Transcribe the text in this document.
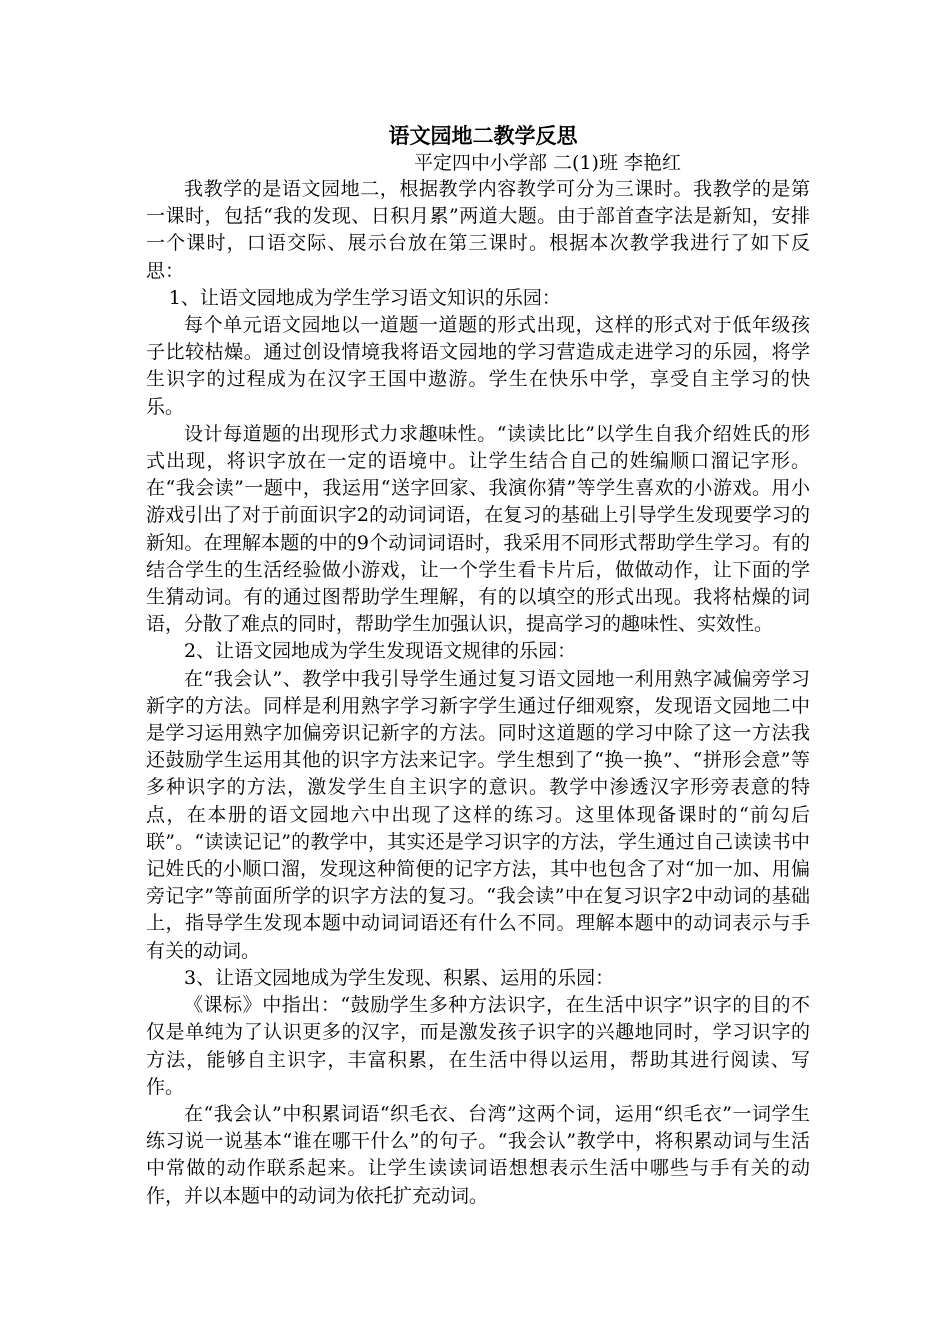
语文园地二教学反思

平定四中小学部 二(1)班 李艳红

我教学的是语文园地二，根据教学内容教学可分为三课时。我教学的是第一课时，包括“我的发现、日积月累”两道大题。由于部首查字法是新知，安排一个课时，口语交际、展示台放在第三课时。根据本次教学我进行了如下反思：

1、让语文园地成为学生学习语文知识的乐园：

每个单元语文园地以一道题一道题的形式出现，这样的形式对于低年级孩子比较枯燥。通过创设情境我将语文园地的学习营造成走进学习的乐园，将学生识字的过程成为在汉字王国中遨游。学生在快乐中学，享受自主学习的快乐。

设计每道题的出现形式力求趣味性。“读读比比”以学生自我介绍姓氏的形式出现，将识字放在一定的语境中。让学生结合自己的姓编顺口溜记字形。在“我会读”一题中，我运用“送字回家、我演你猜”等学生喜欢的小游戏。用小游戏引出了对于前面识字2的动词词语，在复习的基础上引导学生发现要学习的新知。在理解本题的中的9个动词词语时，我采用不同形式帮助学生学习。有的结合学生的生活经验做小游戏，让一个学生看卡片后，做做动作，让下面的学生猜动词。有的通过图帮助学生理解，有的以填空的形式出现。我将枯燥的词语，分散了难点的同时，帮助学生加强认识，提高学习的趣味性、实效性。

2、让语文园地成为学生发现语文规律的乐园：

在“我会认”、教学中我引导学生通过复习语文园地一利用熟字减偏旁学习新字的方法。同样是利用熟字学习新字学生通过仔细观察，发现语文园地二中是学习运用熟字加偏旁识记新字的方法。同时这道题的学习中除了这一方法我还鼓励学生运用其他的识字方法来记字。学生想到了“换一换”、“拼形会意”等多种识字的方法，激发学生自主识字的意识。教学中渗透汉字形旁表意的特点，在本册的语文园地六中出现了这样的练习。这里体现备课时的“前勾后联”。“读读记记”的教学中，其实还是学习识字的方法，学生通过自己读读书中记姓氏的小顺口溜，发现这种简便的记字方法，其中也包含了对“加一加、用偏旁记字”等前面所学的识字方法的复习。“我会读”中在复习识字2中动词的基础上，指导学生发现本题中动词词语还有什么不同。理解本题中的动词表示与手有关的动词。

3、让语文园地成为学生发现、积累、运用的乐园：

《课标》中指出：“鼓励学生多种方法识字，在生活中识字”识字的目的不仅是单纯为了认识更多的汉字，而是激发孩子识字的兴趣地同时，学习识字的方法，能够自主识字，丰富积累，在生活中得以运用，帮助其进行阅读、写作。

在“我会认”中积累词语“织毛衣、台湾”这两个词，运用“织毛衣”一词学生练习说一说基本“谁在哪干什么”的句子。“我会认”教学中，将积累动词与生活中常做的动作联系起来。让学生读读词语想想表示生活中哪些与手有关的动作，并以本题中的动词为依托扩充动词。
